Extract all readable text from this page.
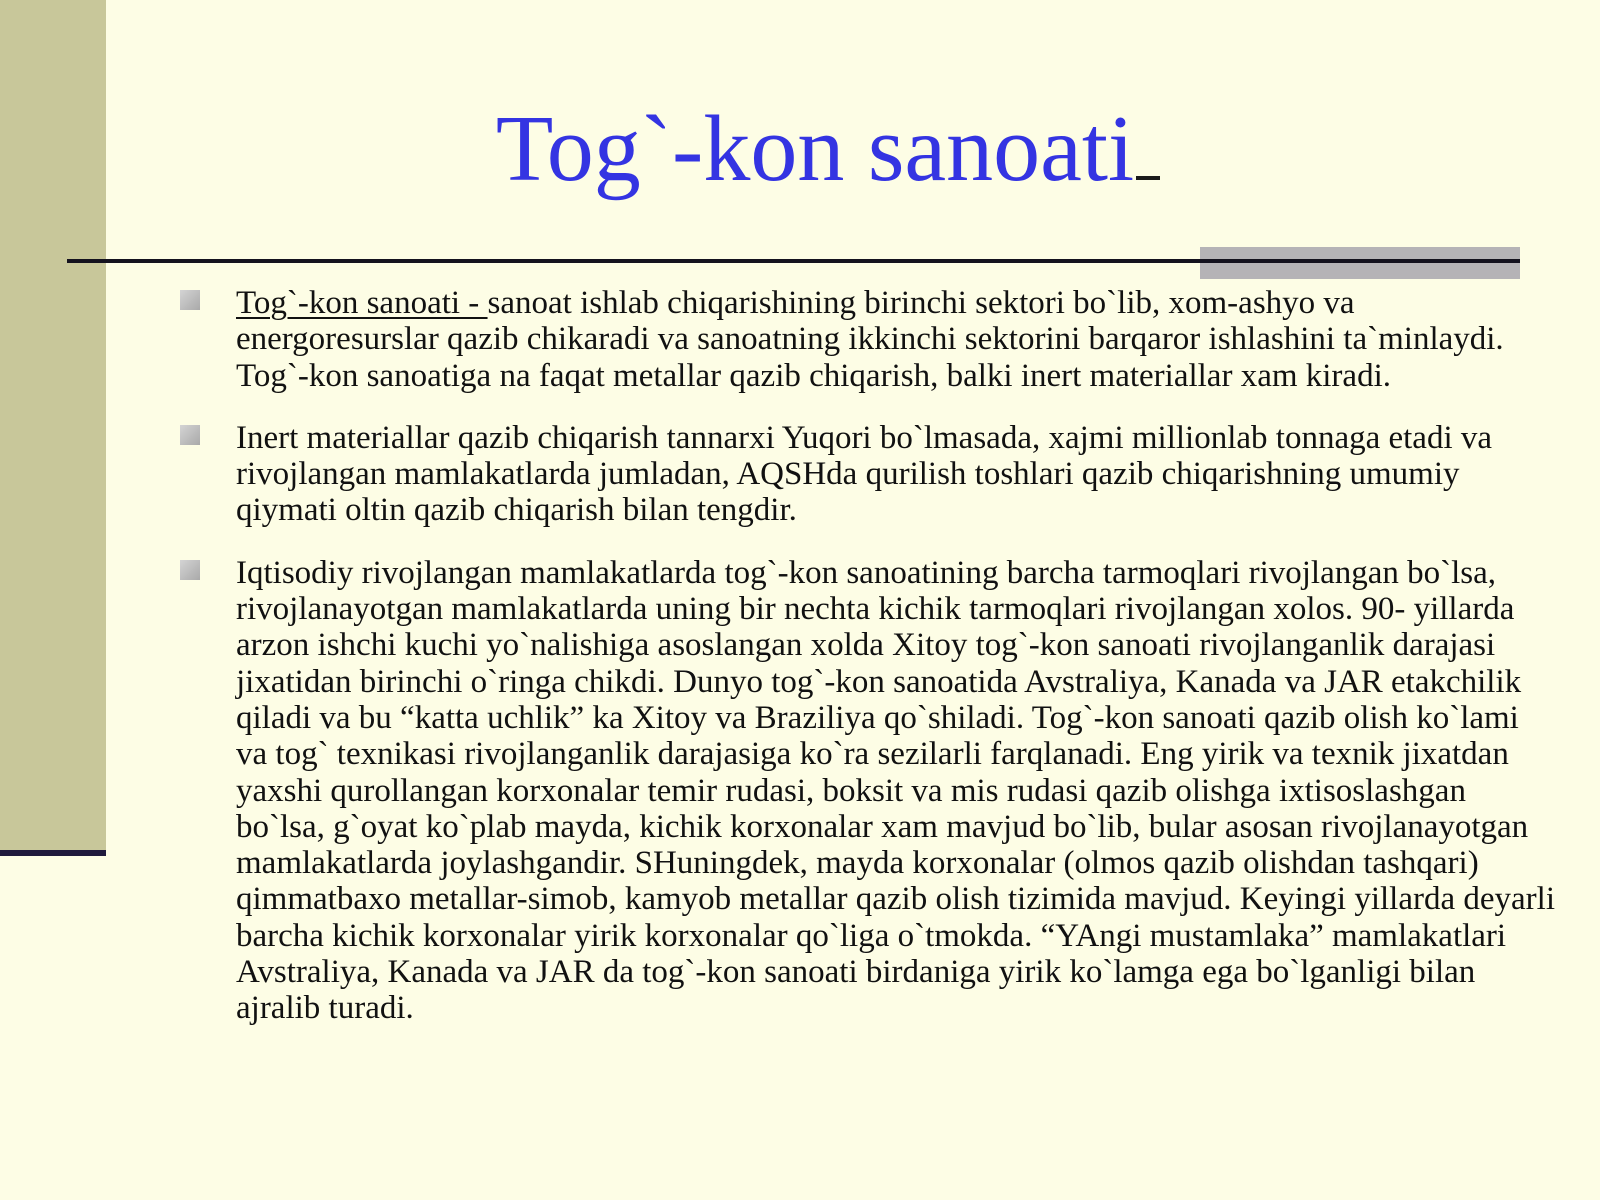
Tog`-kon sanoati
Tog`-kon sanoati - sanoat ishlab chiqarishining birinchi sektori bo`lib, xom-ashyo va energoresurslar qazib chikaradi va sanoatning ikkinchi sektorini barqaror ishlashini ta`minlaydi. Tog`-kon sanoatiga na faqat metallar qazib chiqarish, balki inert materiallar xam kiradi.
Inert materiallar qazib chiqarish tannarxi Yuqori bo`lmasada, xajmi millionlab tonnaga etadi va rivojlangan mamlakatlarda jumladan, AQSHda qurilish toshlari qazib chiqarishning umumiy qiymati oltin qazib chiqarish bilan tengdir.
Iqtisodiy rivojlangan mamlakatlarda tog`-kon sanoatining barcha tarmoqlari rivojlangan bo`lsa, rivojlanayotgan mamlakatlarda uning bir nechta kichik tarmoqlari rivojlangan xolos. 90- yillarda arzon ishchi kuchi yo`nalishiga asoslangan xolda Xitoy tog`-kon sanoati rivojlanganlik darajasi jixatidan birinchi o`ringa chikdi. Dunyo tog`-kon sanoatida Avstraliya, Kanada va JAR etakchilik qiladi va bu “katta uchlik” ka Xitoy va Braziliya qo`shiladi. Tog`-kon sanoati qazib olish ko`lami va tog` texnikasi rivojlanganlik darajasiga ko`ra sezilarli farqlanadi. Eng yirik va texnik jixatdan yaxshi qurollangan korxonalar temir rudasi, boksit va mis rudasi qazib olishga ixtisoslashgan bo`lsa, g`oyat ko`plab mayda, kichik korxonalar xam mavjud bo`lib, bular asosan rivojlanayotgan mamlakatlarda joylashgandir. SHuningdek, mayda korxonalar (olmos qazib olishdan tashqari) qimmatbaxo metallar-simob, kamyob metallar qazib olish tizimida mavjud. Keyingi yillarda deyarli barcha kichik korxonalar yirik korxonalar qo`liga o`tmokda. “YAngi mustamlaka” mamlakatlari Avstraliya, Kanada va JAR da tog`-kon sanoati birdaniga yirik ko`lamga ega bo`lganligi bilan ajralib turadi.
